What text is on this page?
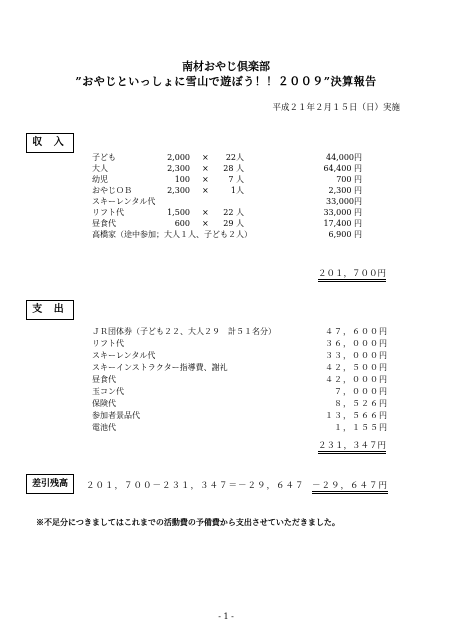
南材おやじ倶楽部
”おやじといっしょに雪山で遊ぼう！！２００９”決算報告
平成２１年２月１５日（日）実施
収 入
子ども	2,000 ×	22人	44,000円
大人	2,300 ×	28 人	64,400 円
幼児	100 ×	7 人	700 円
おやじＯＢ	2,300 ×	1人	2,300 円
スキーレンタル代	33,000円
リフト代	1,500 ×	22 人	33,000 円
昼食代	600 ×	29 人	17,400 円
高橋家（途中参加；大人１人、子ども２人）	6,900 円
２０１，７００円
支 出
ＪＲ団体券（子ども２２、大人２９　計５１名分）	４７，６００円
リフト代	３６，０００円
スキーレンタル代	３３，０００円
スキーインストラクター指導費、謝礼	４２，５００円
昼食代	４２，０００円
玉コン代	７，０００円
保険代	８，５２６円
参加者景品代	１３，５６６円
電池代	１，１５５円
２３１，３４７円
差引残高	２０１，７００－２３１，３４７＝－２９，６４７ －２９，６４７円
※不足分につきましてはこれまでの活動費の予備費から支出させていただきました。
- 1 -
